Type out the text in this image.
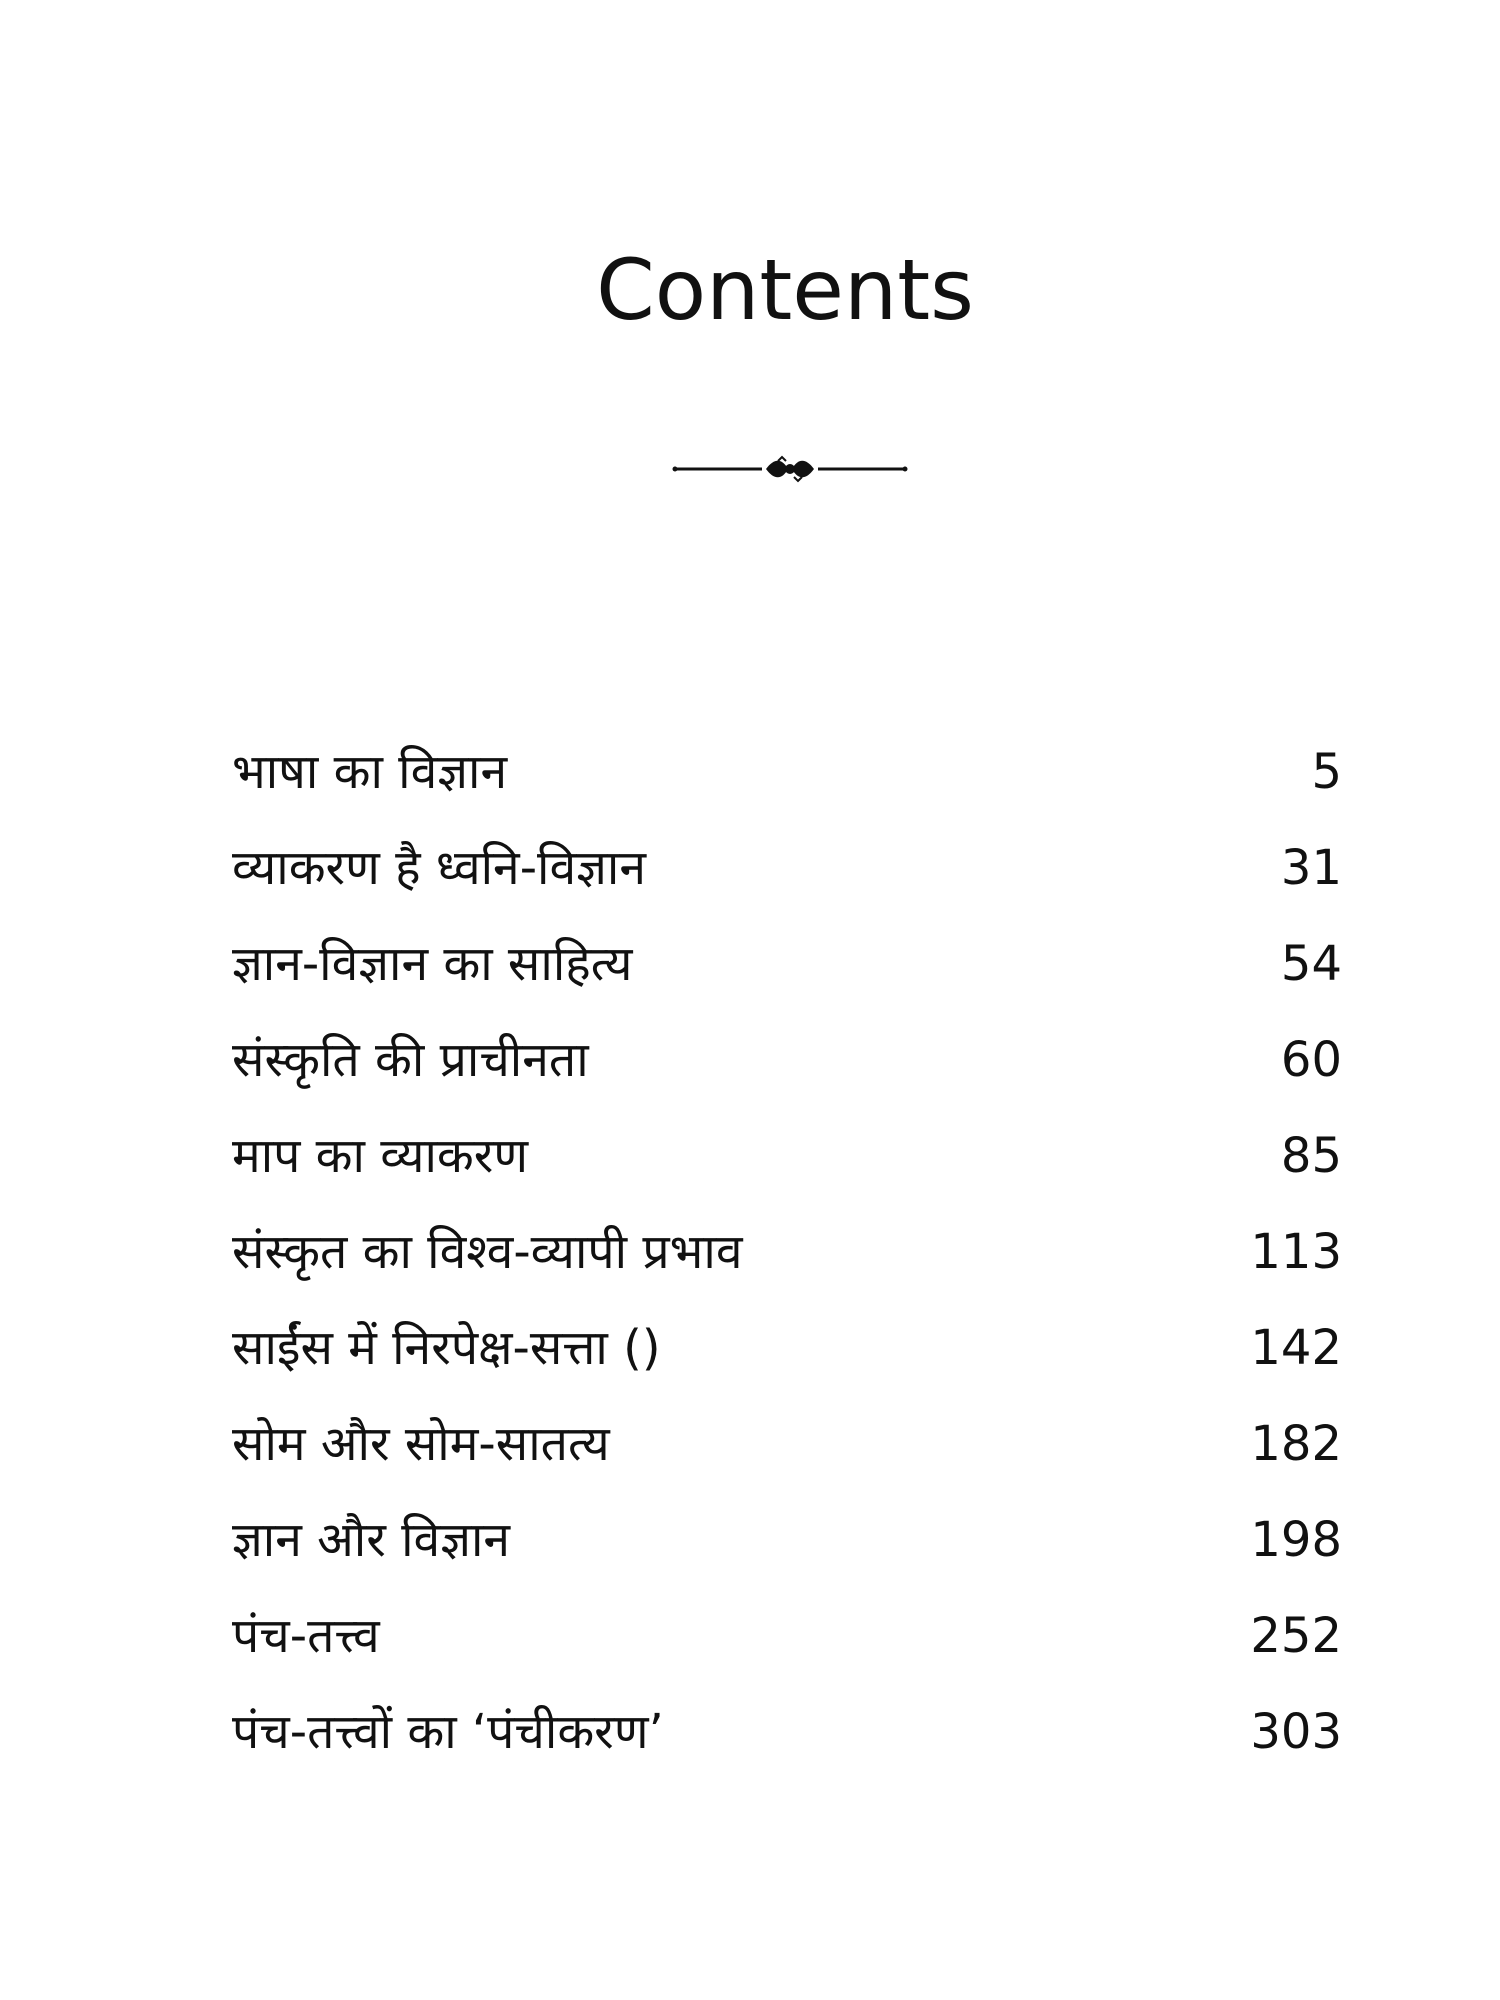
Contents
भाषा का विज्ञान	5
व्याकरण है ध्वनि-विज्ञान	31
ज्ञान-विज्ञान का साहित्य	54
संस्कृति की प्राचीनता	60
माप का व्याकरण	85
संस्कृत का विश्व-व्यापी प्रभाव	113
साईंस में निरपेक्ष-सत्ता ()	142
सोम और सोम-सातत्य	182
ज्ञान और विज्ञान	198
पंच-तत्त्व	252
पंच-तत्त्वों का ‘पंचीकरण’	303
